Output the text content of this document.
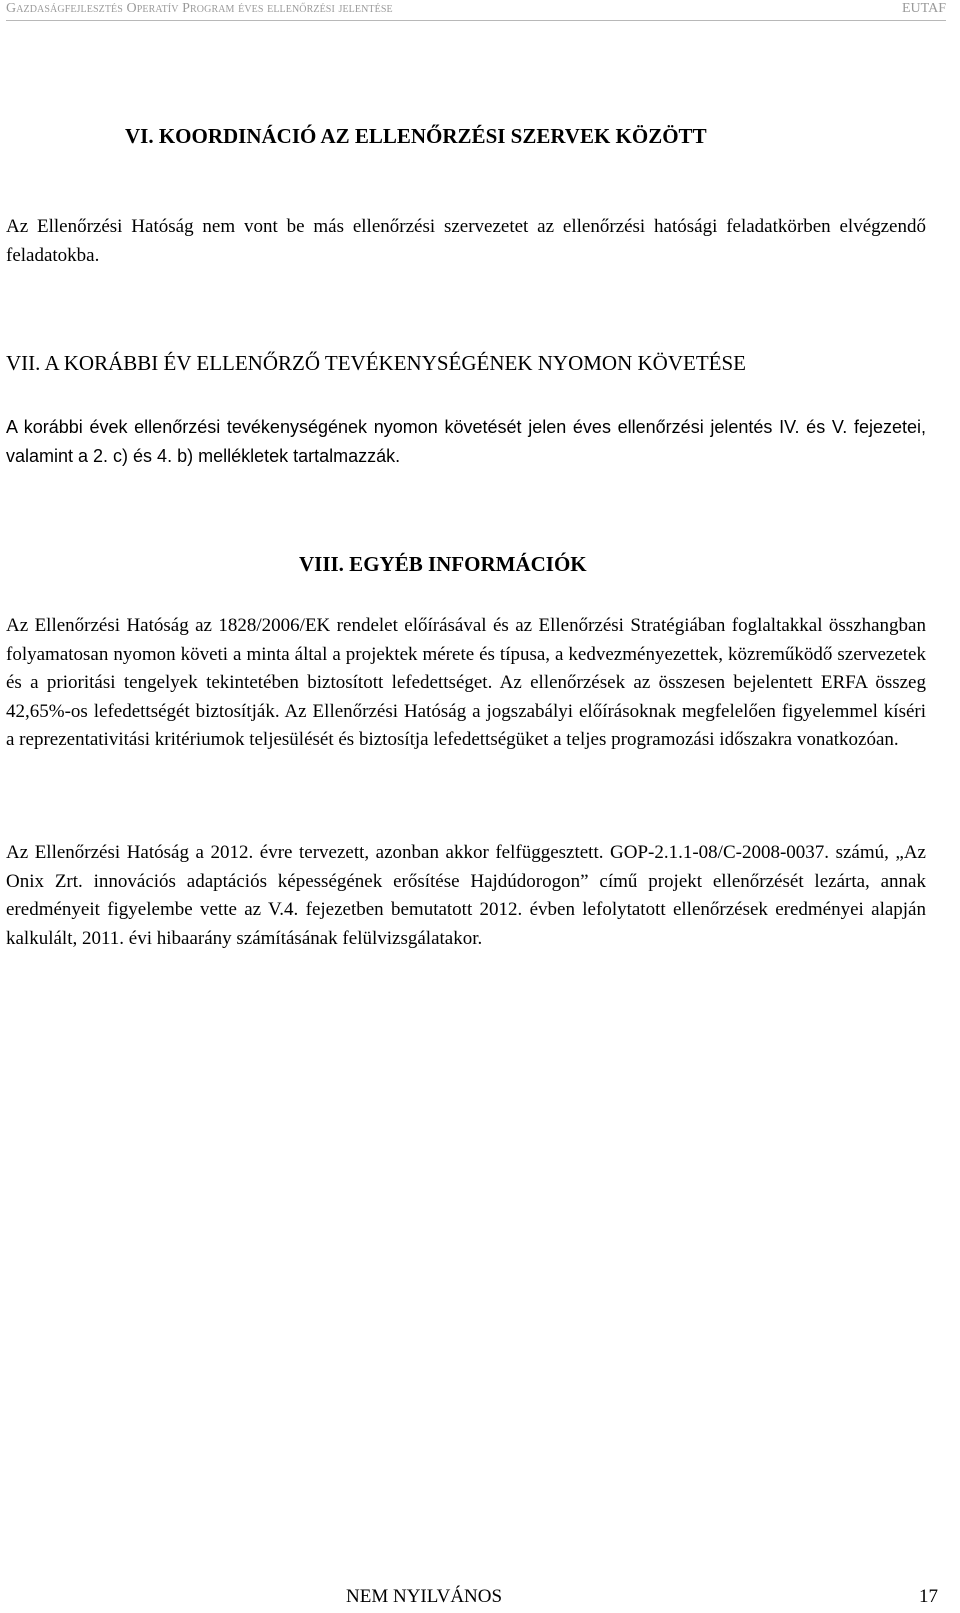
Gazdaságfejlesztés Operatív Program éves ellenőrzési jelentése	EUTAF
VI. KOORDINÁCIÓ AZ ELLENŐRZÉSI SZERVEK KÖZÖTT
Az Ellenőrzési Hatóság nem vont be más ellenőrzési szervezetet az ellenőrzési hatósági feladatkörben elvégzendő feladatokba.
VII. A KORÁBBI ÉV ELLENŐRZŐ TEVÉKENYSÉGÉNEK NYOMON KÖVETÉSE
A korábbi évek ellenőrzési tevékenységének nyomon követését jelen éves ellenőrzési jelentés IV. és V. fejezetei, valamint a 2. c) és 4. b) mellékletek tartalmazzák.
VIII. EGYÉB INFORMÁCIÓK
Az Ellenőrzési Hatóság az 1828/2006/EK rendelet előírásával és az Ellenőrzési Stratégiában foglaltakkal összhangban folyamatosan nyomon követi a minta által a projektek mérete és típusa, a kedvezményezettek, közreműködő szervezetek és a prioritási tengelyek tekintetében biztosított lefedettséget. Az ellenőrzések az összesen bejelentett ERFA összeg 42,65%-os lefedettségét biztosítják. Az Ellenőrzési Hatóság a jogszabályi előírásoknak megfelelően figyelemmel kíséri a reprezentativitási kritériumok teljesülését és biztosítja lefedettségüket a teljes programozási időszakra vonatkozóan.
Az Ellenőrzési Hatóság a 2012. évre tervezett, azonban akkor felfüggesztett. GOP-2.1.1-08/C-2008-0037. számú, „Az Onix Zrt. innovációs adaptációs képességének erősítése Hajdúdorogon” című projekt ellenőrzését lezárta, annak eredményeit figyelembe vette az V.4. fejezetben bemutatott 2012. évben lefolytatott ellenőrzések eredményei alapján kalkulált, 2011. évi hibaarány számításának felülvizsgálatakor.
NEM NYILVÁNOS	17
